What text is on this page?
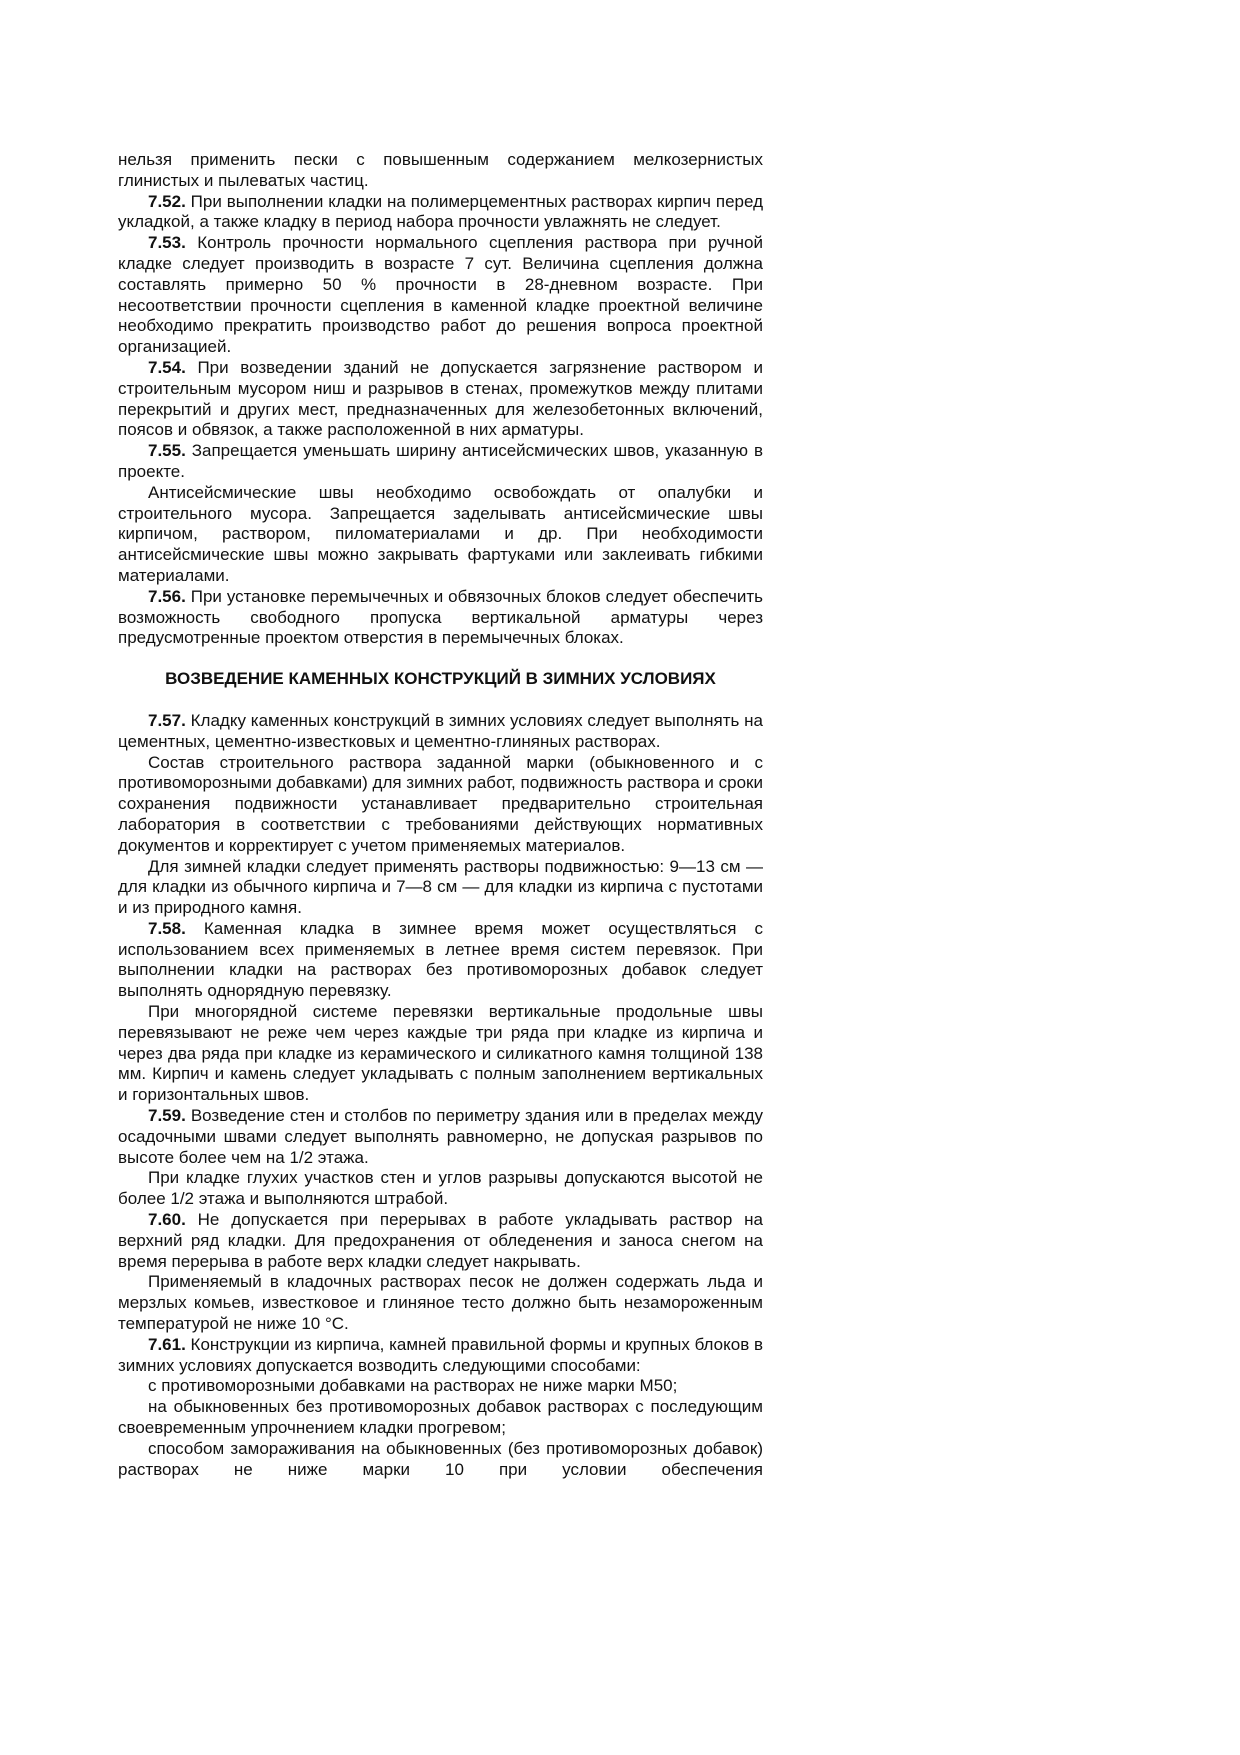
нельзя применить пески с повышенным содержанием мелкозернистых глинистых и пылеватых частиц.

7.52. При выполнении кладки на полимерцементных растворах кирпич перед укладкой, а также кладку в период набора прочности увлажнять не следует.

7.53. Контроль прочности нормального сцепления раствора при ручной кладке следует производить в возрасте 7 сут. Величина сцепления должна составлять примерно 50 % прочности в 28-дневном возрасте. При несоответствии прочности сцепления в каменной кладке проектной величине необходимо прекратить производство работ до решения вопроса проектной организацией.

7.54. При возведении зданий не допускается загрязнение раствором и строительным мусором ниш и разрывов в стенах, промежутков между плитами перекрытий и других мест, предназначенных для железобетонных включений, поясов и обвязок, а также расположенной в них арматуры.

7.55. Запрещается уменьшать ширину антисейсмических швов, указанную в проекте.

Антисейсмические швы необходимо освобождать от опалубки и строительного мусора. Запрещается заделывать антисейсмические швы кирпичом, раствором, пиломатериалами и др. При необходимости антисейсмические швы можно закрывать фартуками или заклеивать гибкими материалами.

7.56. При установке перемычечных и обвязочных блоков следует обеспечить возможность свободного пропуска вертикальной арматуры через предусмотренные проектом отверстия в перемычечных блоках.

ВОЗВЕДЕНИЕ КАМЕННЫХ КОНСТРУКЦИЙ В ЗИМНИХ УСЛОВИЯХ

7.57. Кладку каменных конструкций в зимних условиях следует выполнять на цементных, цементно-известковых и цементно-глиняных растворах.

Состав строительного раствора заданной марки (обыкновенного и с противоморозными добавками) для зимних работ, подвижность раствора и сроки сохранения подвижности устанавливает предварительно строительная лаборатория в соответствии с требованиями действующих нормативных документов и корректирует с учетом применяемых материалов.

Для зимней кладки следует применять растворы подвижностью: 9—13 см — для кладки из обычного кирпича и 7—8 см — для кладки из кирпича с пустотами и из природного камня.

7.58. Каменная кладка в зимнее время может осуществляться с использованием всех применяемых в летнее время систем перевязок. При выполнении кладки на растворах без противоморозных добавок следует выполнять однорядную перевязку.

При многорядной системе перевязки вертикальные продольные швы перевязывают не реже чем через каждые три ряда при кладке из кирпича и через два ряда при кладке из керамического и силикатного камня толщиной 138 мм. Кирпич и камень следует укладывать с полным заполнением вертикальных и горизонтальных швов.

7.59. Возведение стен и столбов по периметру здания или в пределах между осадочными швами следует выполнять равномерно, не допуская разрывов по высоте более чем на 1/2 этажа.

При кладке глухих участков стен и углов разрывы допускаются высотой не более 1/2 этажа и выполняются штрабой.

7.60. Не допускается при перерывах в работе укладывать раствор на верхний ряд кладки. Для предохранения от обледенения и заноса снегом на время перерыва в работе верх кладки следует накрывать.

Применяемый в кладочных растворах песок не должен содержать льда и мерзлых комьев, известковое и глиняное тесто должно быть незамороженным температурой не ниже 10 °С.

7.61. Конструкции из кирпича, камней правильной формы и крупных блоков в зимних условиях допускается возводить следующими способами:

с противоморозными добавками на растворах не ниже марки М50;

на обыкновенных без противоморозных добавок растворах с последующим своевременным упрочнением кладки прогревом;

способом замораживания на обыкновенных (без противоморозных добавок) растворах не ниже марки 10 при условии обеспечения
